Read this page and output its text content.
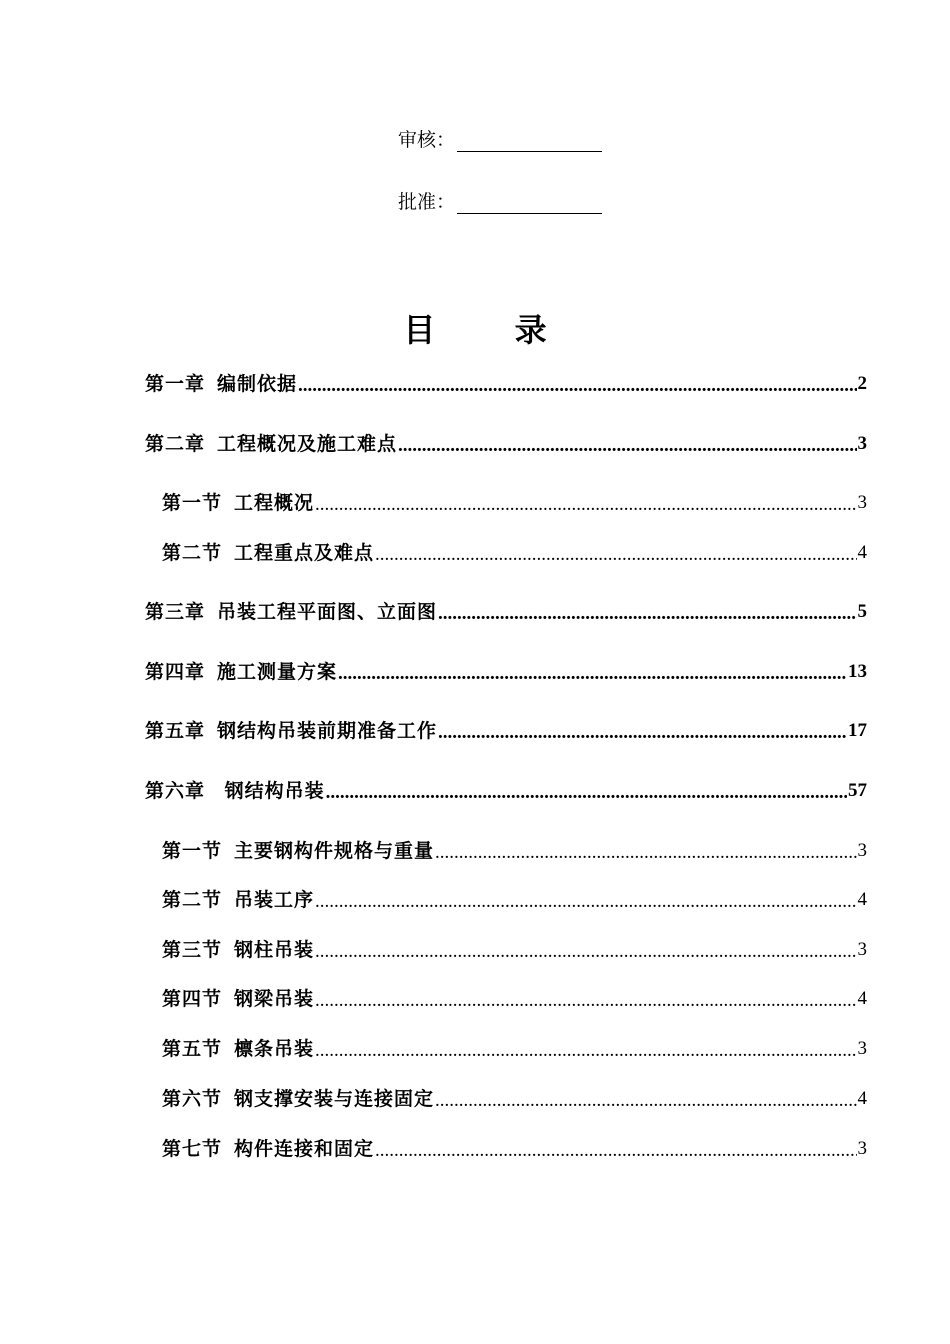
审核：
批准：
目 录
第一章 编制依据 .....	2
第二章 工程概况及施工难点 .....	3
第一节 工程概况 .....	3
第二节 工程重点及难点 .....	4
第三章 吊装工程平面图、立面图 .....	5
第四章 施工测量方案 .....	13
第五章 钢结构吊装前期准备工作 .....	17
第六章 钢结构吊装 .....	57
第一节 主要钢构件规格与重量 .....	3
第二节 吊装工序 .....	4
第三节 钢柱吊装 .....	3
第四节 钢梁吊装 .....	4
第五节 檩条吊装 .....	3
第六节 钢支撑安装与连接固定 .....	4
第七节 构件连接和固定 .....	3
